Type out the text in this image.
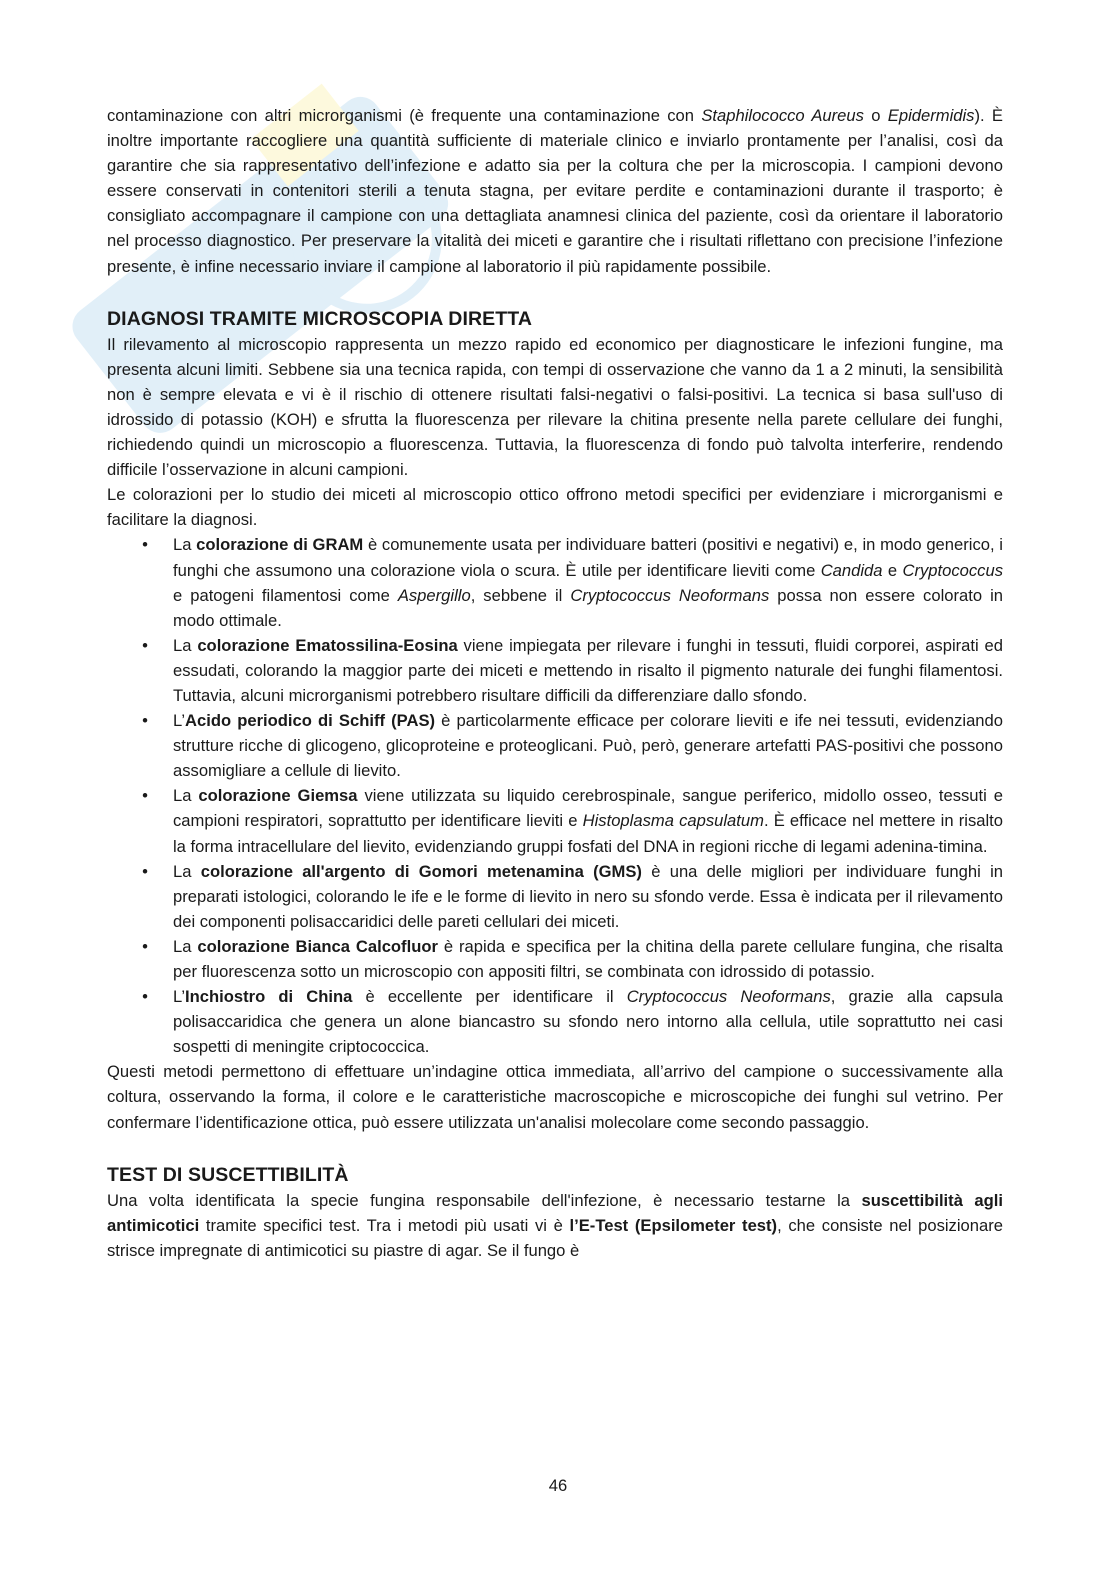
contaminazione con altri microrganismi (è frequente una contaminazione con Staphilococco Aureus o Epidermidis). È inoltre importante raccogliere una quantità sufficiente di materiale clinico e inviarlo prontamente per l’analisi, così da garantire che sia rappresentativo dell’infezione e adatto sia per la coltura che per la microscopia. I campioni devono essere conservati in contenitori sterili a tenuta stagna, per evitare perdite e contaminazioni durante il trasporto; è consigliato accompagnare il campione con una dettagliata anamnesi clinica del paziente, così da orientare il laboratorio nel processo diagnostico. Per preservare la vitalità dei miceti e garantire che i risultati riflettano con precisione l’infezione presente, è infine necessario inviare il campione al laboratorio il più rapidamente possibile.

DIAGNOSI TRAMITE MICROSCOPIA DIRETTA

Il rilevamento al microscopio rappresenta un mezzo rapido ed economico per diagnosticare le infezioni fungine, ma presenta alcuni limiti. Sebbene sia una tecnica rapida, con tempi di osservazione che vanno da 1 a 2 minuti, la sensibilità non è sempre elevata e vi è il rischio di ottenere risultati falsi-negativi o falsi-positivi. La tecnica si basa sull'uso di idrossido di potassio (KOH) e sfrutta la fluorescenza per rilevare la chitina presente nella parete cellulare dei funghi, richiedendo quindi un microscopio a fluorescenza. Tuttavia, la fluorescenza di fondo può talvolta interferire, rendendo difficile l’osservazione in alcuni campioni.

Le colorazioni per lo studio dei miceti al microscopio ottico offrono metodi specifici per evidenziare i microrganismi e facilitare la diagnosi.

• La colorazione di GRAM è comunemente usata per individuare batteri (positivi e negativi) e, in modo generico, i funghi che assumono una colorazione viola o scura. È utile per identificare lieviti come Candida e Cryptococcus e patogeni filamentosi come Aspergillo, sebbene il Cryptococcus Neoformans possa non essere colorato in modo ottimale.
• La colorazione Ematossilina-Eosina viene impiegata per rilevare i funghi in tessuti, fluidi corporei, aspirati ed essudati, colorando la maggior parte dei miceti e mettendo in risalto il pigmento naturale dei funghi filamentosi. Tuttavia, alcuni microrganismi potrebbero risultare difficili da differenziare dallo sfondo.
• L’Acido periodico di Schiff (PAS) è particolarmente efficace per colorare lieviti e ife nei tessuti, evidenziando strutture ricche di glicogeno, glicoproteine e proteoglicani. Può, però, generare artefatti PAS-positivi che possono assomigliare a cellule di lievito.
• La colorazione Giemsa viene utilizzata su liquido cerebrospinale, sangue periferico, midollo osseo, tessuti e campioni respiratori, soprattutto per identificare lieviti e Histoplasma capsulatum. È efficace nel mettere in risalto la forma intracellulare del lievito, evidenziando gruppi fosfati del DNA in regioni ricche di legami adenina-timina.
• La colorazione all'argento di Gomori metenamina (GMS) è una delle migliori per individuare funghi in preparati istologici, colorando le ife e le forme di lievito in nero su sfondo verde. Essa è indicata per il rilevamento dei componenti polisaccaridici delle pareti cellulari dei miceti.
• La colorazione Bianca Calcofluor è rapida e specifica per la chitina della parete cellulare fungina, che risalta per fluorescenza sotto un microscopio con appositi filtri, se combinata con idrossido di potassio.
• L’Inchiostro di China è eccellente per identificare il Cryptococcus Neoformans, grazie alla capsula polisaccaridica che genera un alone biancastro su sfondo nero intorno alla cellula, utile soprattutto nei casi sospetti di meningite criptococcica.

Questi metodi permettono di effettuare un’indagine ottica immediata, all’arrivo del campione o successivamente alla coltura, osservando la forma, il colore e le caratteristiche macroscopiche e microscopiche dei funghi sul vetrino. Per confermare l’identificazione ottica, può essere utilizzata un'analisi molecolare come secondo passaggio.

TEST DI SUSCETTIBILITÀ

Una volta identificata la specie fungina responsabile dell'infezione, è necessario testarne la suscettibilità agli antimicotici tramite specifici test. Tra i metodi più usati vi è l’E-Test (Epsilometer test), che consiste nel posizionare strisce impregnate di antimicotici su piastre di agar. Se il fungo è

46
